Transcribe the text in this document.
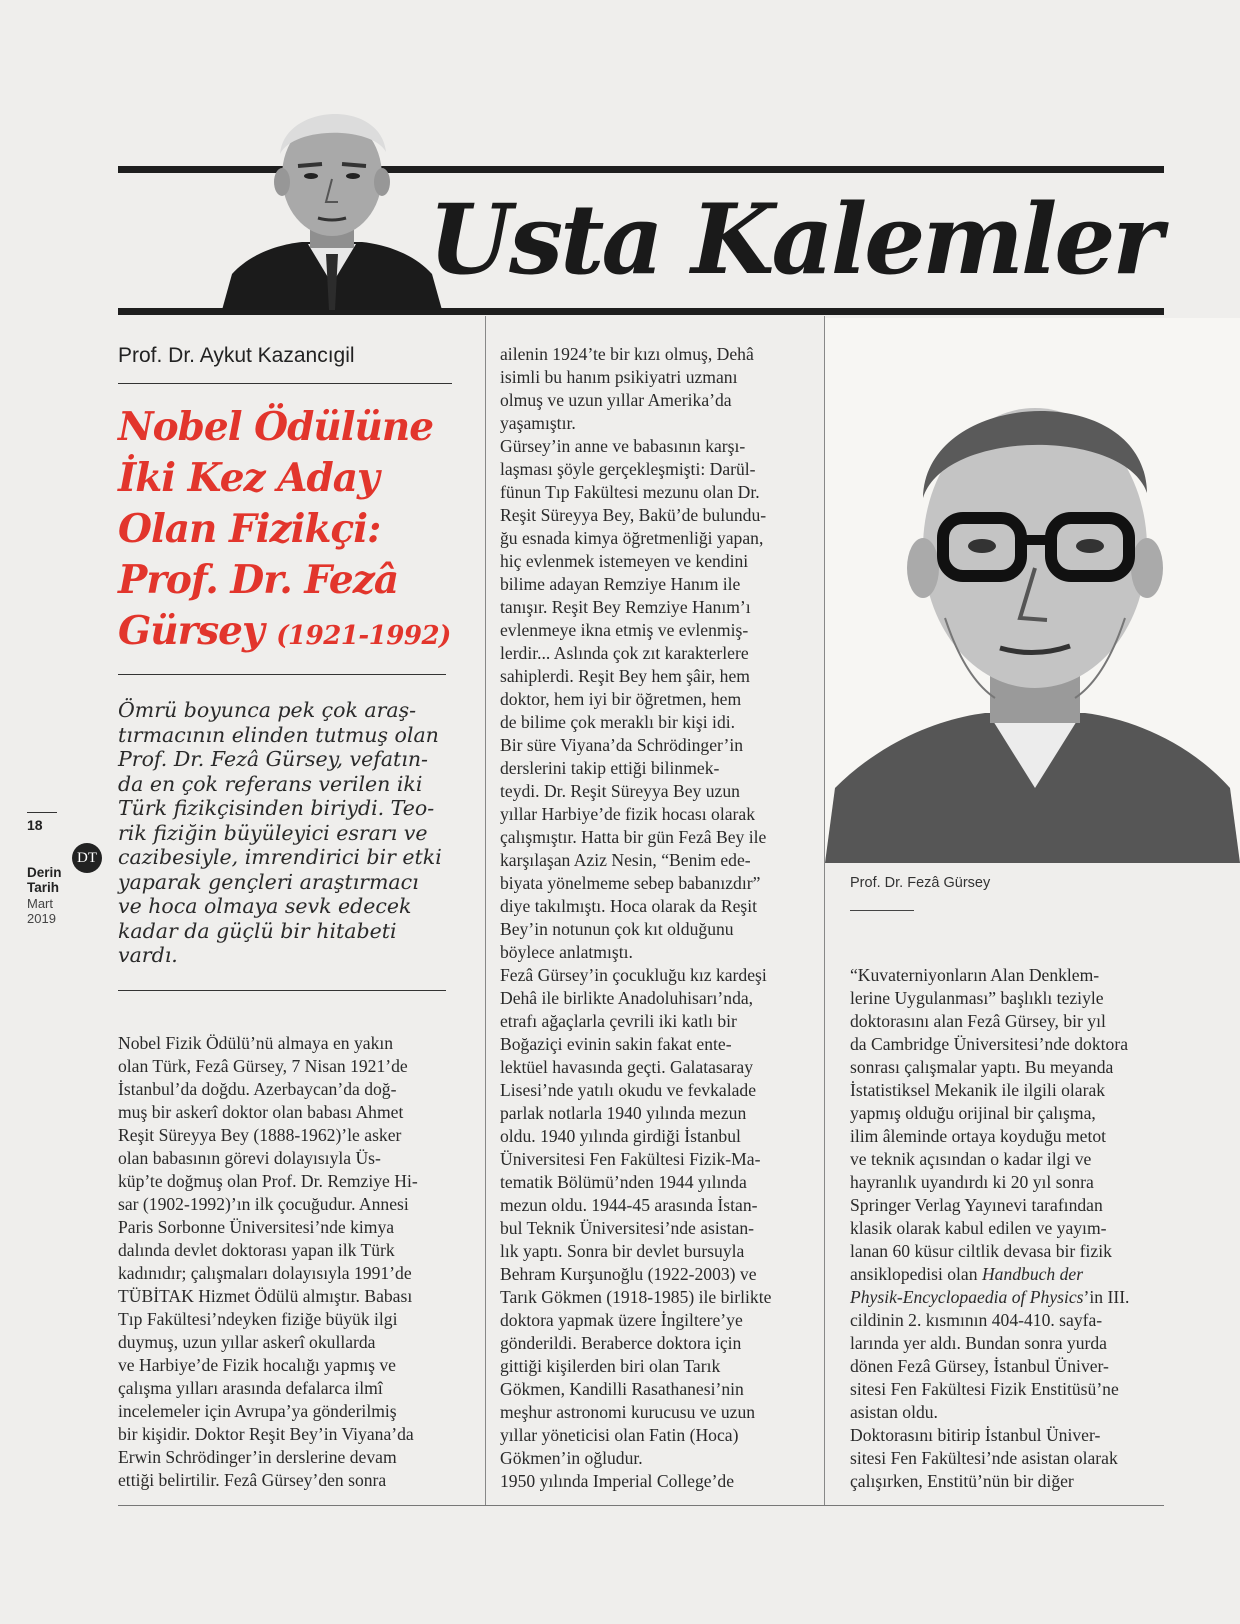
Usta Kalemler
Prof. Dr. Aykut Kazancıgil
Nobel Ödülüne
İki Kez Aday
Olan Fizikçi:
Prof. Dr. Fezâ
Gürsey (1921-1992)
Ömrü boyunca pek çok araş-
tırmacının elinden tutmuş olan
Prof. Dr. Fezâ Gürsey, vefatın-
da en çok referans verilen iki
Türk fizikçisinden biriydi. Teo-
rik fiziğin büyüleyici esrarı ve
cazibesiyle, imrendirici bir etki
yaparak gençleri araştırmacı
ve hoca olmaya sevk edecek
kadar da güçlü bir hitabeti
vardı.
Nobel Fizik Ödülü’nü almaya en yakın
olan Türk, Fezâ Gürsey, 7 Nisan 1921’de
İstanbul’da doğdu. Azerbaycan’da doğ-
muş bir askerî doktor olan babası Ahmet
Reşit Süreyya Bey (1888-1962)’le asker
olan babasının görevi dolayısıyla Üs-
küp’te doğmuş olan Prof. Dr. Remziye Hi-
sar (1902-1992)’ın ilk çocuğudur. Annesi
Paris Sorbonne Üniversitesi’nde kimya
dalında devlet doktorası yapan ilk Türk
kadınıdır; çalışmaları dolayısıyla 1991’de
TÜBİTAK Hizmet Ödülü almıştır. Babası
Tıp Fakültesi’ndeyken fiziğe büyük ilgi
duymuş, uzun yıllar askerî okullarda
ve Harbiye’de Fizik hocalığı yapmış ve
çalışma yılları arasında defalarca ilmî
incelemeler için Avrupa’ya gönderilmiş
bir kişidir. Doktor Reşit Bey’in Viyana’da
Erwin Schrödinger’in derslerine devam
ettiği belirtilir. Fezâ Gürsey’den sonra
ailenin 1924’te bir kızı olmuş, Dehâ
isimli bu hanım psikiyatri uzmanı
olmuş ve uzun yıllar Amerika’da
yaşamıştır.
Gürsey’in anne ve babasının karşı-
laşması şöyle gerçekleşmişti: Darül-
fünun Tıp Fakültesi mezunu olan Dr.
Reşit Süreyya Bey, Bakü’de bulundu-
ğu esnada kimya öğretmenliği yapan,
hiç evlenmek istemeyen ve kendini
bilime adayan Remziye Hanım ile
tanışır. Reşit Bey Remziye Hanım’ı
evlenmeye ikna etmiş ve evlenmiş-
lerdir... Aslında çok zıt karakterlere
sahiplerdi. Reşit Bey hem şâir, hem
doktor, hem iyi bir öğretmen, hem
de bilime çok meraklı bir kişi idi.
Bir süre Viyana’da Schrödinger’in
derslerini takip ettiği bilinmek-
teydi. Dr. Reşit Süreyya Bey uzun
yıllar Harbiye’de fizik hocası olarak
çalışmıştır. Hatta bir gün Fezâ Bey ile
karşılaşan Aziz Nesin, “Benim ede-
biyata yönelmeme sebep babanızdır”
diye takılmıştı. Hoca olarak da Reşit
Bey’in notunun çok kıt olduğunu
böylece anlatmıştı.
Fezâ Gürsey’in çocukluğu kız kardeşi
Dehâ ile birlikte Anadoluhisarı’nda,
etrafı ağaçlarla çevrili iki katlı bir
Boğaziçi evinin sakin fakat ente-
lektüel havasında geçti. Galatasaray
Lisesi’nde yatılı okudu ve fevkalade
parlak notlarla 1940 yılında mezun
oldu. 1940 yılında girdiği İstanbul
Üniversitesi Fen Fakültesi Fizik-Ma-
tematik Bölümü’nden 1944 yılında
mezun oldu. 1944-45 arasında İstan-
bul Teknik Üniversitesi’nde asistan-
lık yaptı. Sonra bir devlet bursuyla
Behram Kurşunoğlu (1922-2003) ve
Tarık Gökmen (1918-1985) ile birlikte
doktora yapmak üzere İngiltere’ye
gönderildi. Beraberce doktora için
gittiği kişilerden biri olan Tarık
Gökmen, Kandilli Rasathanesi’nin
meşhur astronomi kurucusu ve uzun
yıllar yöneticisi olan Fatin (Hoca)
Gökmen’in oğludur.
1950 yılında Imperial College’de
Prof. Dr. Fezâ Gürsey
“Kuvaterniyonların Alan Denklem-
lerine Uygulanması” başlıklı teziyle
doktorasını alan Fezâ Gürsey, bir yıl
da Cambridge Üniversitesi’nde doktora
sonrası çalışmalar yaptı. Bu meyanda
İstatistiksel Mekanik ile ilgili olarak
yapmış olduğu orijinal bir çalışma,
ilim âleminde ortaya koyduğu metot
ve teknik açısından o kadar ilgi ve
hayranlık uyandırdı ki 20 yıl sonra
Springer Verlag Yayınevi tarafından
klasik olarak kabul edilen ve yayım-
lanan 60 küsur ciltlik devasa bir fizik
ansiklopedisi olan Handbuch der
Physik-Encyclopaedia of Physics’in III.
cildinin 2. kısmının 404-410. sayfa-
larında yer aldı. Bundan sonra yurda
dönen Fezâ Gürsey, İstanbul Üniver-
sitesi Fen Fakültesi Fizik Enstitüsü’ne
asistan oldu.
Doktorasını bitirip İstanbul Üniver-
sitesi Fen Fakültesi’nde asistan olarak
çalışırken, Enstitü’nün bir diğer
18
DT
Derin
Tarih
Mart
2019
